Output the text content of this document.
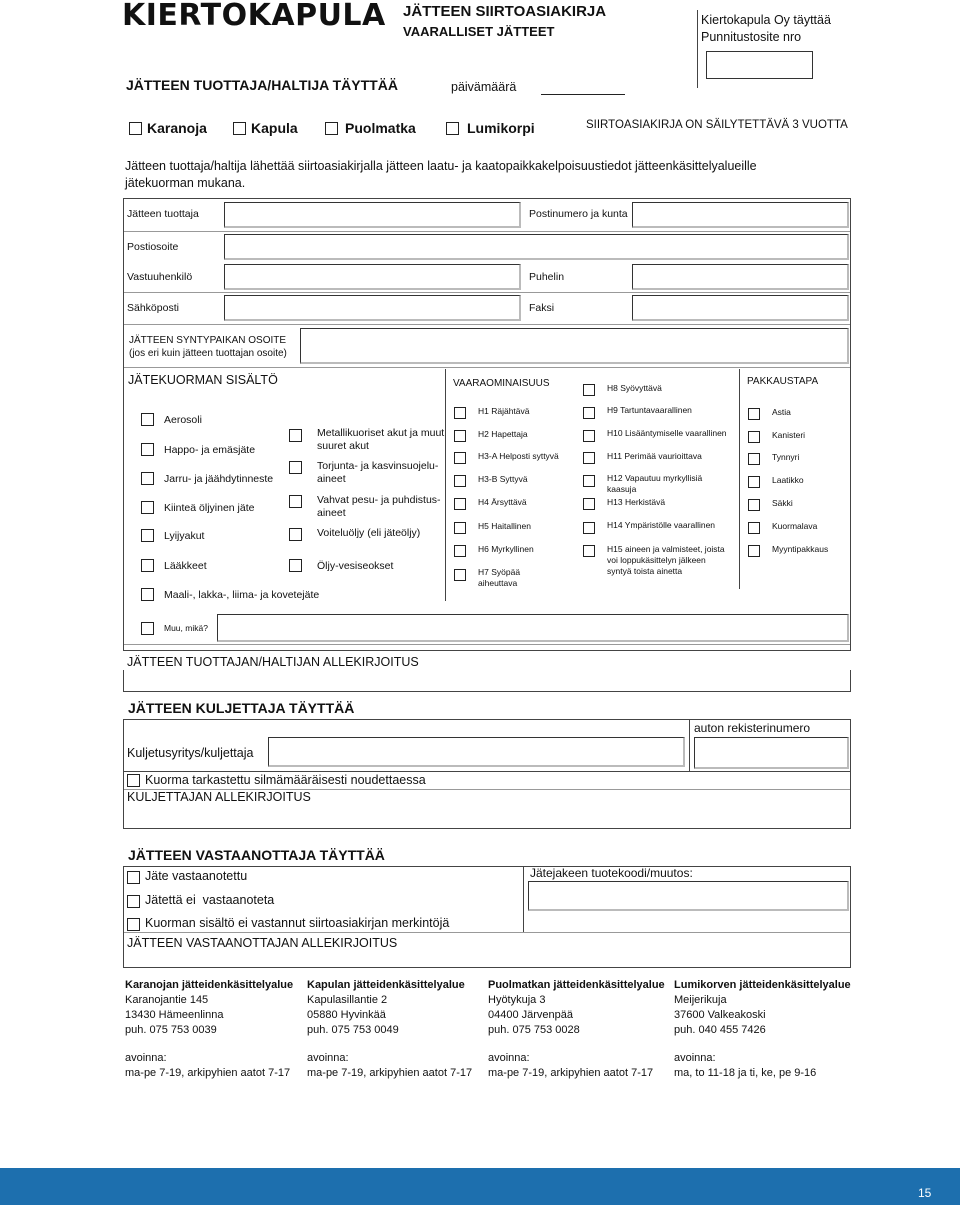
KIERTOKAPULA JÄTTEEN SIIRTOASIAKIRJA
VAARALLISET JÄTTEET
Kiertokapula Oy täyttää
Punnitustosite nro
JÄTTEEN TUOTTAJA/HALTIJA TÄYTTÄÄ	päivämäärä
Karanoja	Kapula	Puolmatka	Lumikorpi	SIIRTOASIAKIRJA ON SÄILYTETTÄVÄ 3 VUOTTA
Jätteen tuottaja/haltija lähettää siirtoasiakirjalla jätteen laatu- ja kaatopaikkakelpoisuustiedot jätteenkäsittelyalueille
jätekuorman mukana.
Jätteen tuottaja	Postinumero ja kunta
Postiosoite
Vastuuhenkilö	Puhelin
Sähköposti	Faksi
JÄTTEEN SYNTYPAIKAN OSOITE
(jos eri kuin jätteen tuottajan osoite)
JÄTEKUORMAN SISÄLTÖ
Aerosoli
Happo- ja emäsjäte
Jarru- ja jäähdytinneste
Kiinteä öljyinen jäte
Lyijyakut
Lääkkeet
Maali-, lakka-, liima- ja kovetejäte
Metallikuoriset akut ja muut
suuret akut
Torjunta- ja kasvinsuojelu-
aineet
Vahvat pesu- ja puhdistus-
aineet
Voiteluöljy (eli jäteöljy)
Öljy-vesiseokset
VAARAOMINAISUUS
H1 Räjähtävä
H2 Hapettaja
H3-A Helposti syttyvä
H3-B Syttyvä
H4 Ärsyttävä
H5 Haitallinen
H6 Myrkyllinen
H7 Syöpää
aiheuttava
H8 Syövyttävä
H9 Tartuntavaarallinen
H10 Lisääntymiselle vaarallinen
H11 Perimää vaurioittava
H12 Vapautuu myrkyllisiä
kaasuja
H13 Herkistävä
H14 Ympäristölle vaarallinen
H15 aineen ja valmisteet, joista
voi loppukäsittelyn jälkeen
syntyä toista ainetta
PAKKAUSTAPA
Astia
Kanisteri
Tynnyri
Laatikko
Säkki
Kuormalava
Myyntipakkaus
Muu, mikä?
JÄTTEEN TUOTTAJAN/HALTIJAN ALLEKIRJOITUS
JÄTTEEN KULJETTAJA TÄYTTÄÄ
auton rekisterinumero
Kuljetusyritys/kuljettaja
Kuorma tarkastettu silmämääräisesti noudettaessa
KULJETTAJAN ALLEKIRJOITUS
JÄTTEEN VASTAANOTTAJA TÄYTTÄÄ
Jäte vastaanotettu
Jätettä ei  vastaanoteta
Kuorman sisältö ei vastannut siirtoasiakirjan merkintöjä
Jätejakeen tuotekoodi/muutos:
JÄTTEEN VASTAANOTTAJAN ALLEKIRJOITUS
Karanojan jätteidenkäsittelyalue
Karanojantie 145
13430 Hämeenlinna
puh. 075 753 0039
avoinna:
ma-pe 7-19, arkipyhien aatot 7-17
Kapulan jätteidenkäsittelyalue
Kapulasillantie 2
05880 Hyvinkää
puh. 075 753 0049
avoinna:
ma-pe 7-19, arkipyhien aatot 7-17
Puolmatkan jätteidenkäsittelyalue
Hyötykuja 3
04400 Järvenpää
puh. 075 753 0028
avoinna:
ma-pe 7-19, arkipyhien aatot 7-17
Lumikorven jätteidenkäsittelyalue
Meijerikuja
37600 Valkeakoski
puh. 040 455 7426
avoinna:
ma, to 11-18 ja ti, ke, pe 9-16
15
